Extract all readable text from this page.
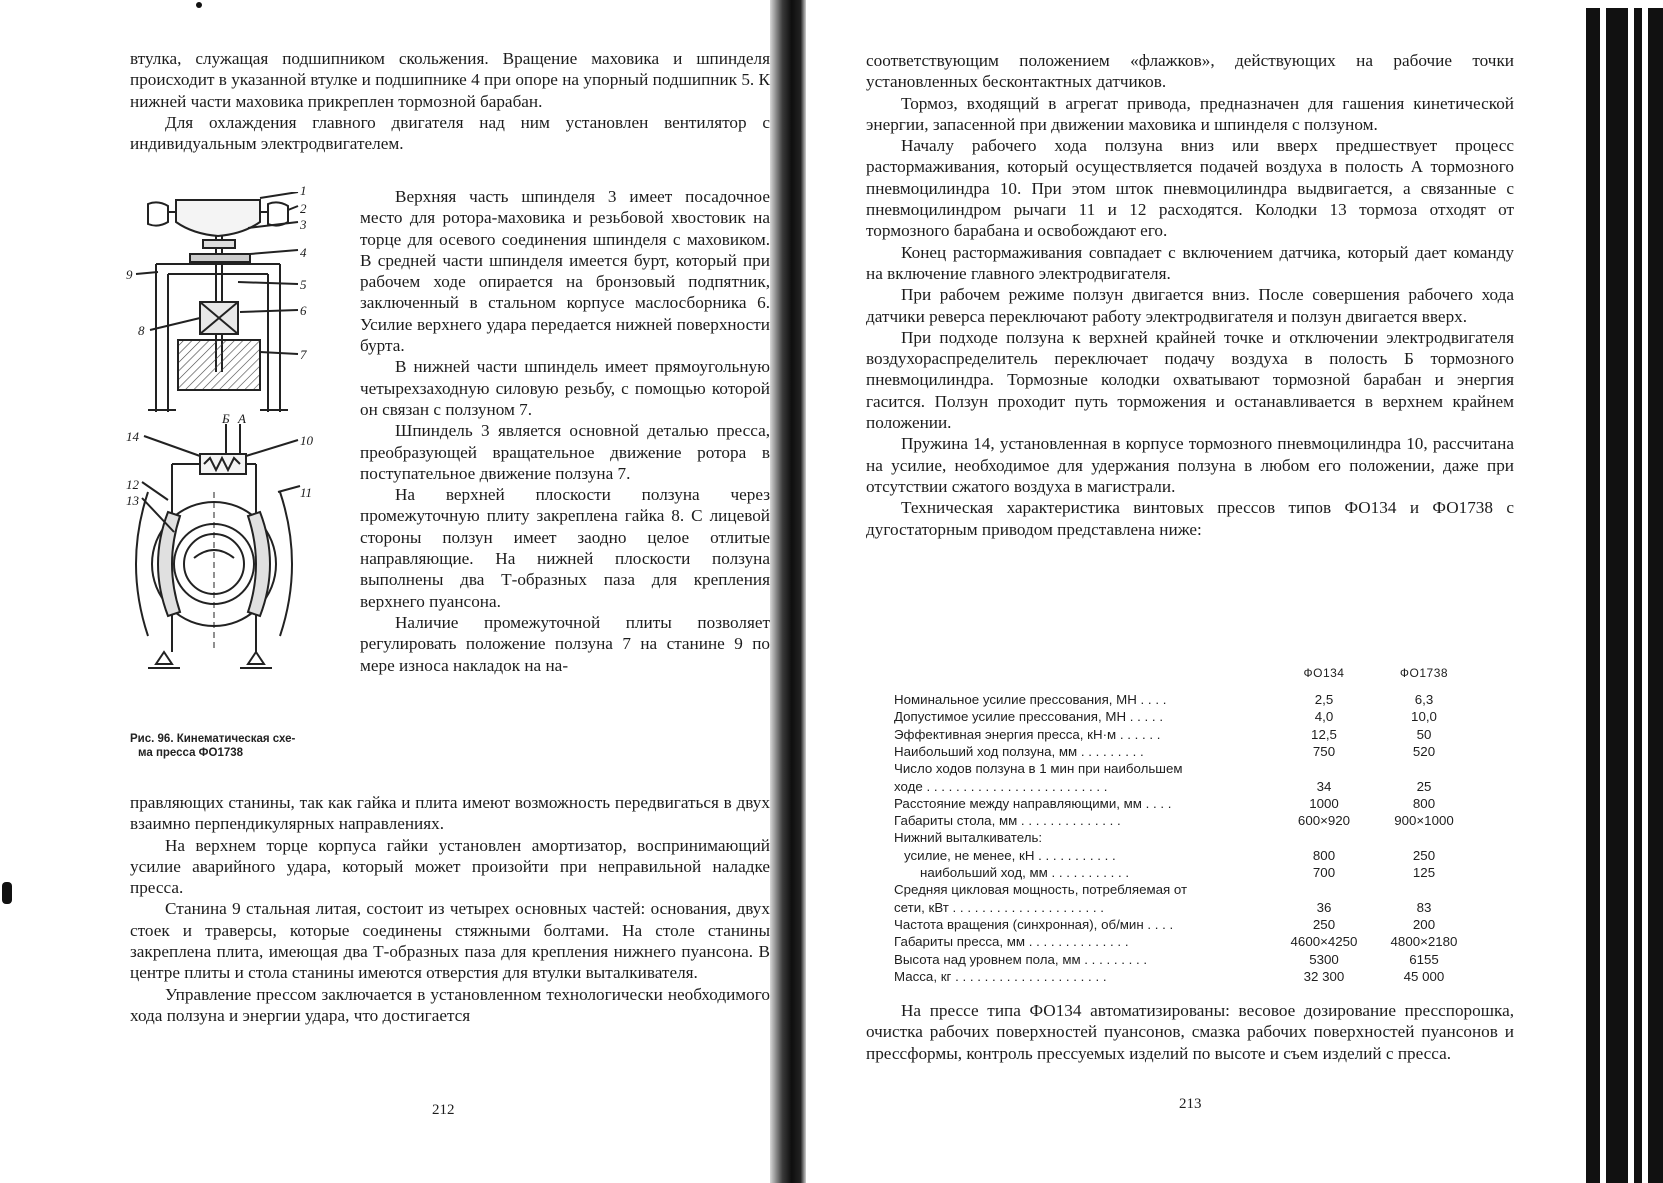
втулка, служащая подшипником скольжения. Вращение маховика и шпинделя происходит в указанной втулке и подшипнике 4 при опоре на упорный подшипник 5. К нижней части маховика прикреплен тормозной барабан.

Для охлаждения главного двигателя над ним установлен вентилятор с индивидуальным электродвигателем.

1
2
3
4
5
6
7
8
9
14
Б А
10
12
13
11
Рис. 96. Кинематическая схе-
ма пресса ФО1738

Верхняя часть шпинделя 3 имеет посадочное место для ротора-маховика и резьбовой хвостовик на торце для осевого соединения шпинделя с маховиком. В средней части шпинделя имеется бурт, который при рабочем ходе опирается на бронзовый подпятник, заключенный в стальном корпусе маслосборника 6. Усилие верхнего удара передается нижней поверхности бурта.

В нижней части шпиндель имеет прямоугольную четырехзаходную силовую резьбу, с помощью которой он связан с ползуном 7.

Шпиндель 3 является основной деталью пресса, преобразующей вращательное движение ротора в поступательное движение ползуна 7.

На верхней плоскости ползуна через промежуточную плиту закреплена гайка 8. С лицевой стороны ползун имеет заодно целое отлитые направляющие. На нижней плоскости ползуна выполнены два Т-образных паза для крепления верхнего пуансона.

Наличие промежуточной плиты позволяет регулировать положение ползуна 7 на станине 9 по мере износа накладок на на-

правляющих станины, так как гайка и плита имеют возможность передвигаться в двух взаимно перпендикулярных направлениях.

На верхнем торце корпуса гайки установлен амортизатор, воспринимающий усилие аварийного удара, который может произойти при неправильной наладке пресса.

Станина 9 стальная литая, состоит из четырех основных частей: основания, двух стоек и траверсы, которые соединены стяжными болтами. На столе станины закреплена плита, имеющая два Т-образных паза для крепления нижнего пуансона. В центре плиты и стола станины имеются отверстия для втулки выталкивателя.

Управление прессом заключается в установленном технологически необходимого хода ползуна и энергии удара, что достигается

212

соответствующим положением «флажков», действующих на рабочие точки установленных бесконтактных датчиков.

Тормоз, входящий в агрегат привода, предназначен для гашения кинетической энергии, запасенной при движении маховика и шпинделя с ползуном.

Началу рабочего хода ползуна вниз или вверх предшествует процесс растормаживания, который осуществляется подачей воздуха в полость А тормозного пневмоцилиндра 10. При этом шток пневмоцилиндра выдвигается, а связанные с пневмоцилиндром рычаги 11 и 12 расходятся. Колодки 13 тормоза отходят от тормозного барабана и освобождают его.

Конец растормаживания совпадает с включением датчика, который дает команду на включение главного электродвигателя.

При рабочем режиме ползун двигается вниз. После совершения рабочего хода датчики реверса переключают работу электродвигателя и ползун двигается вверх.

При подходе ползуна к верхней крайней точке и отключении электродвигателя воздухораспределитель переключает подачу воздуха в полость Б тормозного пневмоцилиндра. Тормозные колодки охватывают тормозной барабан и энергия гасится. Ползун проходит путь торможения и останавливается в верхнем крайнем положении.

Пружина 14, установленная в корпусе тормозного пневмоцилиндра 10, рассчитана на усилие, необходимое для удержания ползуна в любом его положении, даже при отсутствии сжатого воздуха в магистрали.

Техническая характеристика винтовых прессов типов ФО134 и ФО1738 с дугостаторным приводом представлена ниже:

ФО134	ФО1738
Номинальное усилие прессования, МН . . . .	2,5	6,3
Допустимое усилие прессования, МН . . . . .	4,0	10,0
Эффективная энергия пресса, кН·м . . . . . .	12,5	50
Наибольший ход ползуна, мм . . . . . . . . .	750	520
Число ходов ползуна в 1 мин при наибольшем
ходе . . . . . . . . . . . . . . . . . . . . . . . . .	34	25
Расстояние между направляющими, мм . . . .	1000	800
Габариты стола, мм . . . . . . . . . . . . . .	600×920	900×1000
Нижний выталкиватель:
усилие, не менее, кН . . . . . . . . . . .	800	250
наибольший ход, мм . . . . . . . . . . .	700	125
Средняя цикловая мощность, потребляемая от
сети, кВт . . . . . . . . . . . . . . . . . . . . .	36	83
Частота вращения (синхронная), об/мин . . . .	250	200
Габариты пресса, мм . . . . . . . . . . . . . .	4600×4250	4800×2180
Высота над уровнем пола, мм . . . . . . . . .	5300	6155
Масса, кг . . . . . . . . . . . . . . . . . . . . .	32 300	45 000

На прессе типа ФО134 автоматизированы: весовое дозирование пресспорошка, очистка рабочих поверхностей пуансонов, смазка рабочих поверхностей пуансонов и прессформы, контроль прессуемых изделий по высоте и съем изделий с пресса.

213
